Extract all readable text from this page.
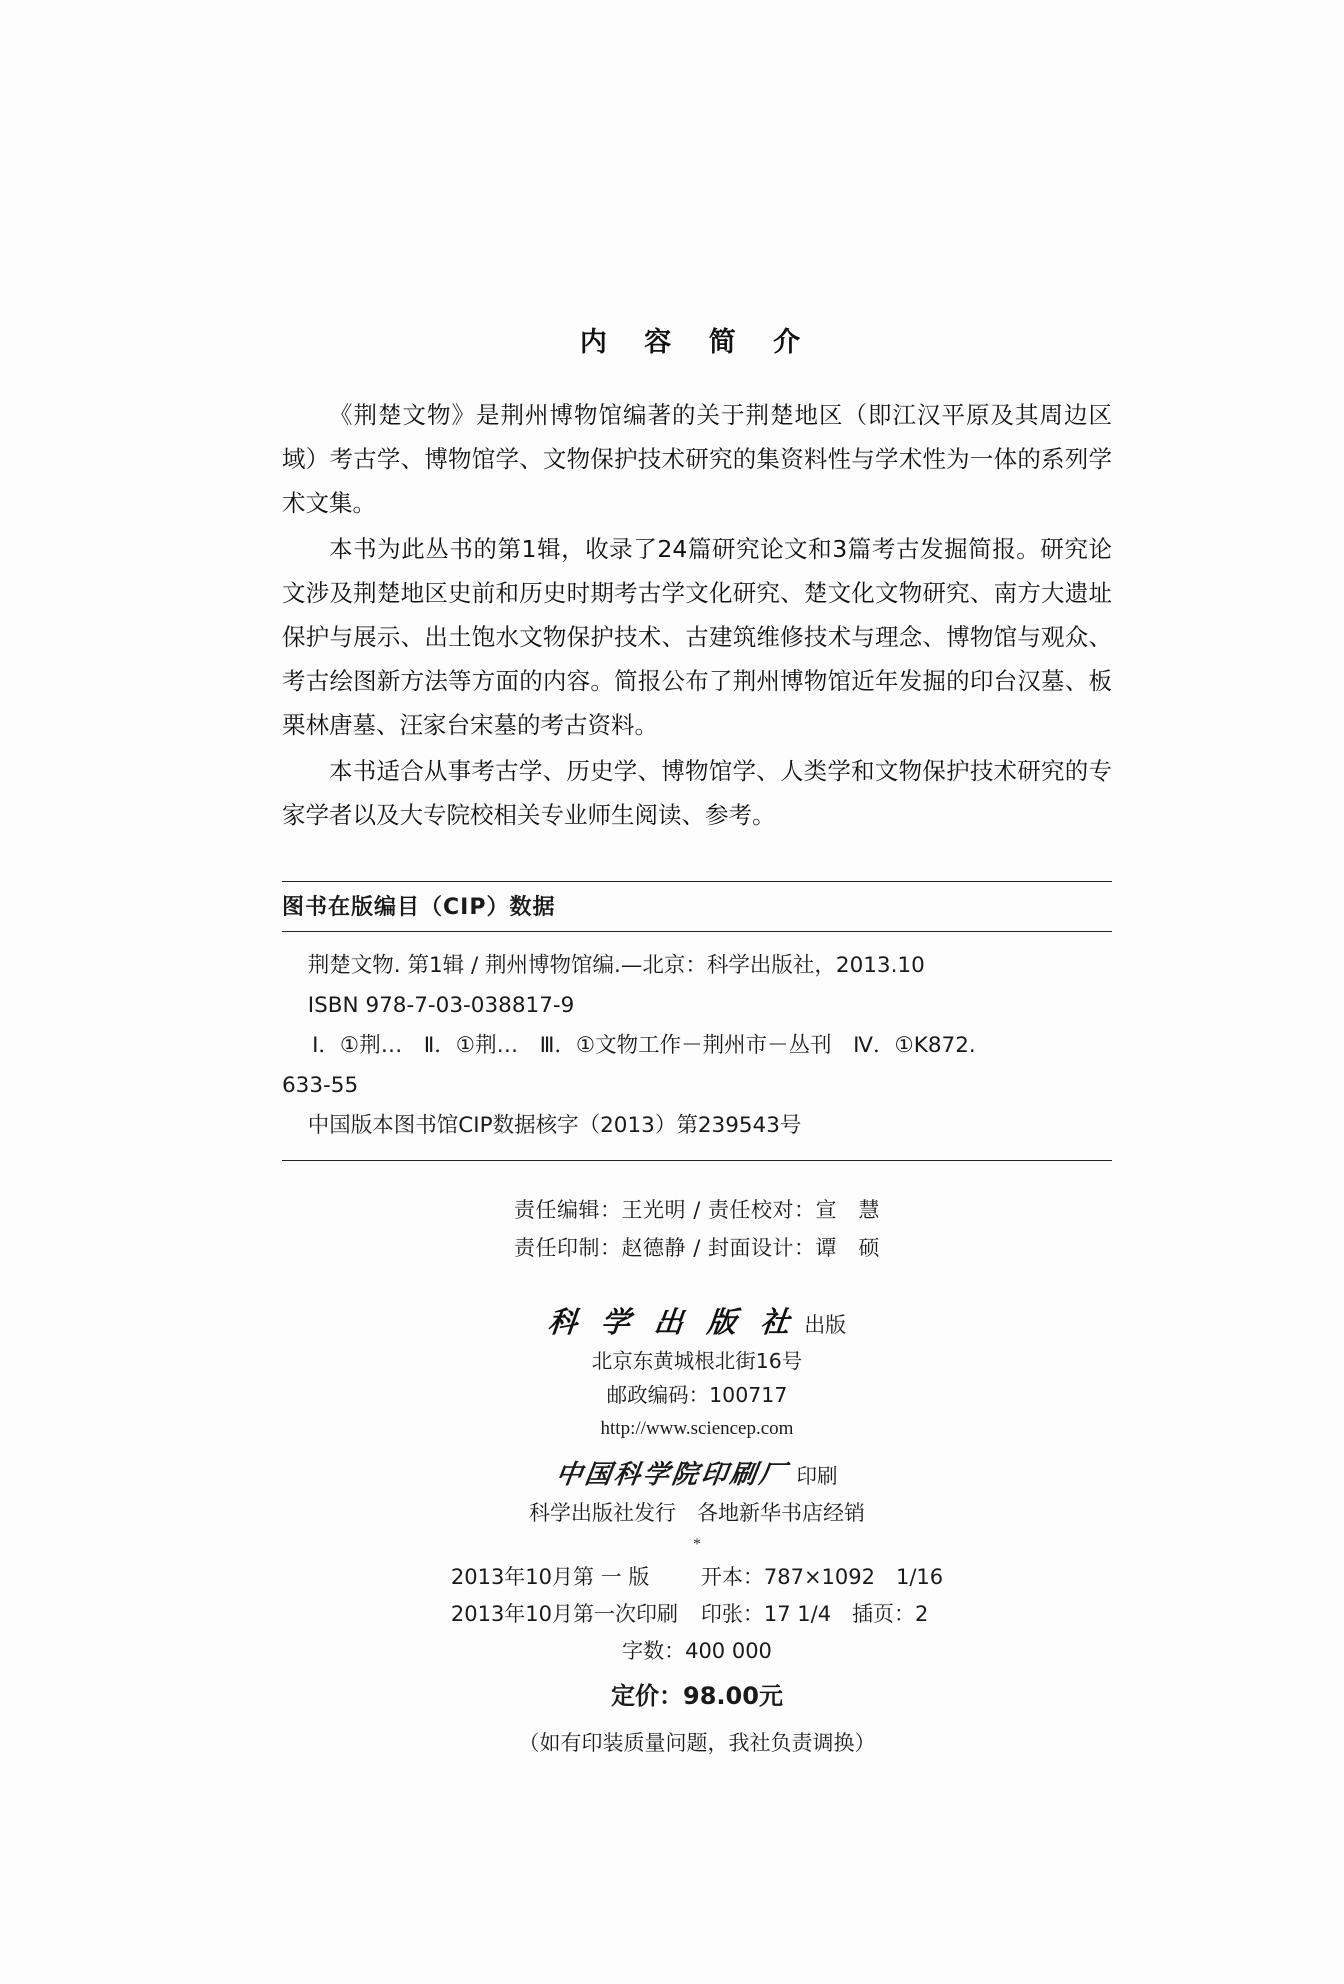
内 容 简 介

《荆楚文物》是荆州博物馆编著的关于荆楚地区（即江汉平原及其周边区域）考古学、博物馆学、文物保护技术研究的集资料性与学术性为一体的系列学术文集。

本书为此丛书的第1辑，收录了24篇研究论文和3篇考古发掘简报。研究论文涉及荆楚地区史前和历史时期考古学文化研究、楚文化文物研究、南方大遗址保护与展示、出土饱水文物保护技术、古建筑维修技术与理念、博物馆与观众、考古绘图新方法等方面的内容。简报公布了荆州博物馆近年发掘的印台汉墓、板栗林唐墓、汪家台宋墓的考古资料。

本书适合从事考古学、历史学、博物馆学、人类学和文物保护技术研究的专家学者以及大专院校相关专业师生阅读、参考。

图书在版编目（CIP）数据
荆楚文物. 第1辑 / 荆州博物馆编.—北京：科学出版社，2013.10
ISBN 978-7-03-038817-9
Ⅰ．①荆…　Ⅱ．①荆…　Ⅲ．①文物工作－荆州市－丛刊　Ⅳ．①K872.
633-55
中国版本图书馆CIP数据核字（2013）第239543号
责任编辑：王光明 / 责任校对：宣　慧
责任印制：赵德静 / 封面设计：谭　硕
科 学 出 版 社 出版
北京东黄城根北街16号
邮政编码：100717
http://www.sciencep.com
中国科学院印刷厂 印刷
科学出版社发行　各地新华书店经销
*
2013年10月第 一 版 开本：787×1092　1/16
2013年10月第一次印刷 印张：17 1/4　插页：2
字数：400 000
定价：98.00元
（如有印装质量问题，我社负责调换）
